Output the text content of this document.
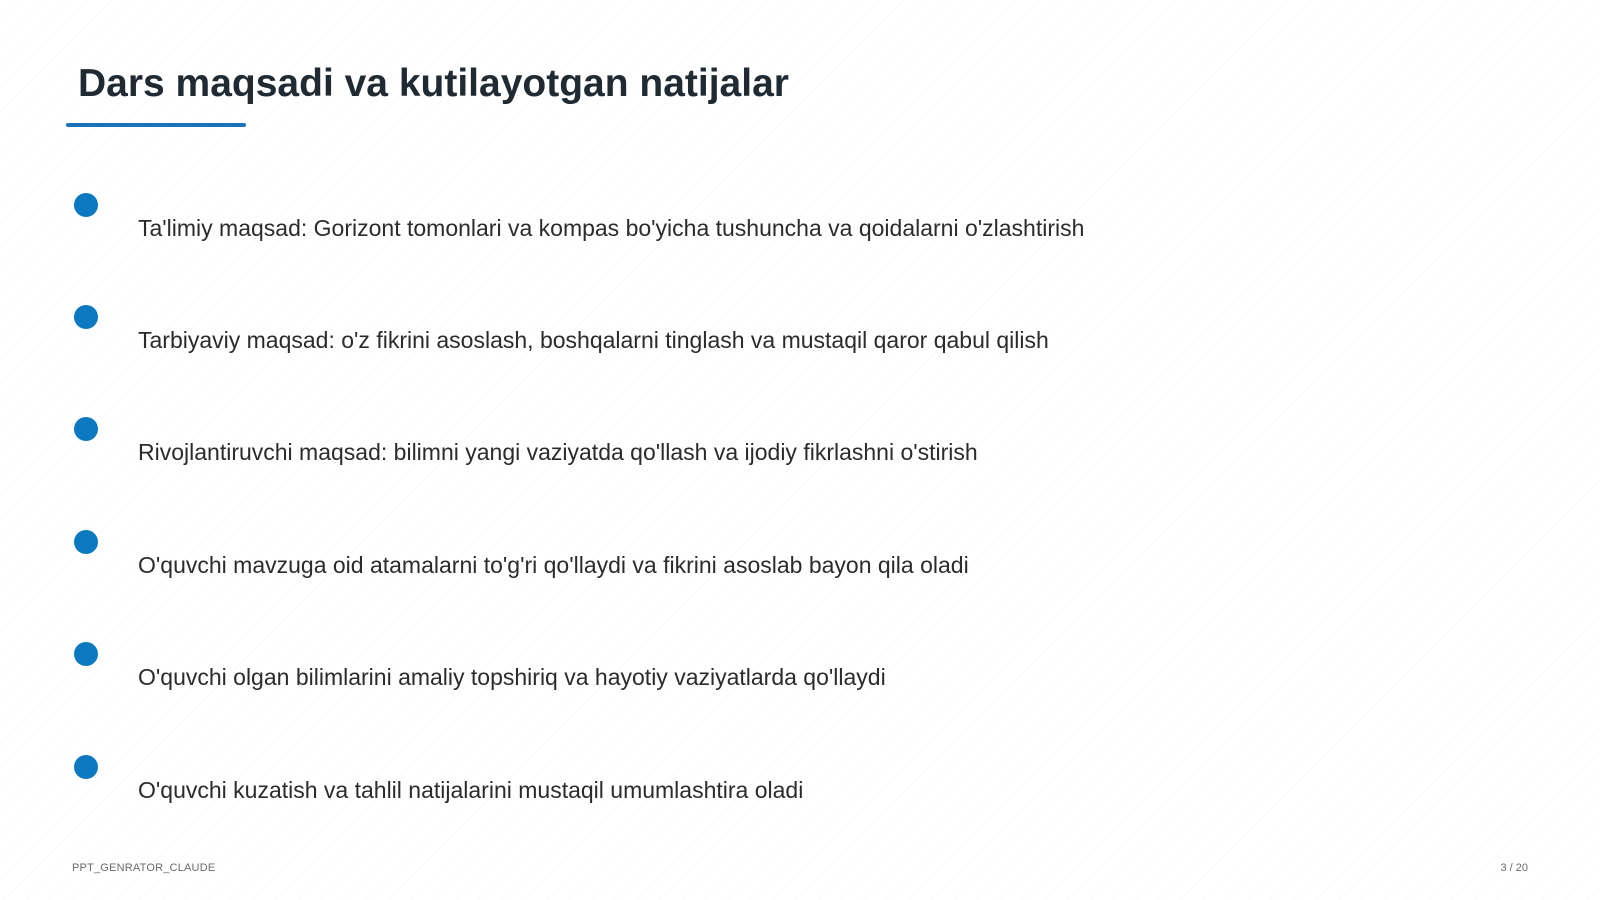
Dars maqsadi va kutilayotgan natijalar
Ta'limiy maqsad: Gorizont tomonlari va kompas bo'yicha tushuncha va qoidalarni o'zlashtirish
Tarbiyaviy maqsad: o'z fikrini asoslash, boshqalarni tinglash va mustaqil qaror qabul qilish
Rivojlantiruvchi maqsad: bilimni yangi vaziyatda qo'llash va ijodiy fikrlashni o'stirish
O'quvchi mavzuga oid atamalarni to'g'ri qo'llaydi va fikrini asoslab bayon qila oladi
O'quvchi olgan bilimlarini amaliy topshiriq va hayotiy vaziyatlarda qo'llaydi
O'quvchi kuzatish va tahlil natijalarini mustaqil umumlashtira oladi
PPT_GENRATOR_CLAUDE	3 / 20
